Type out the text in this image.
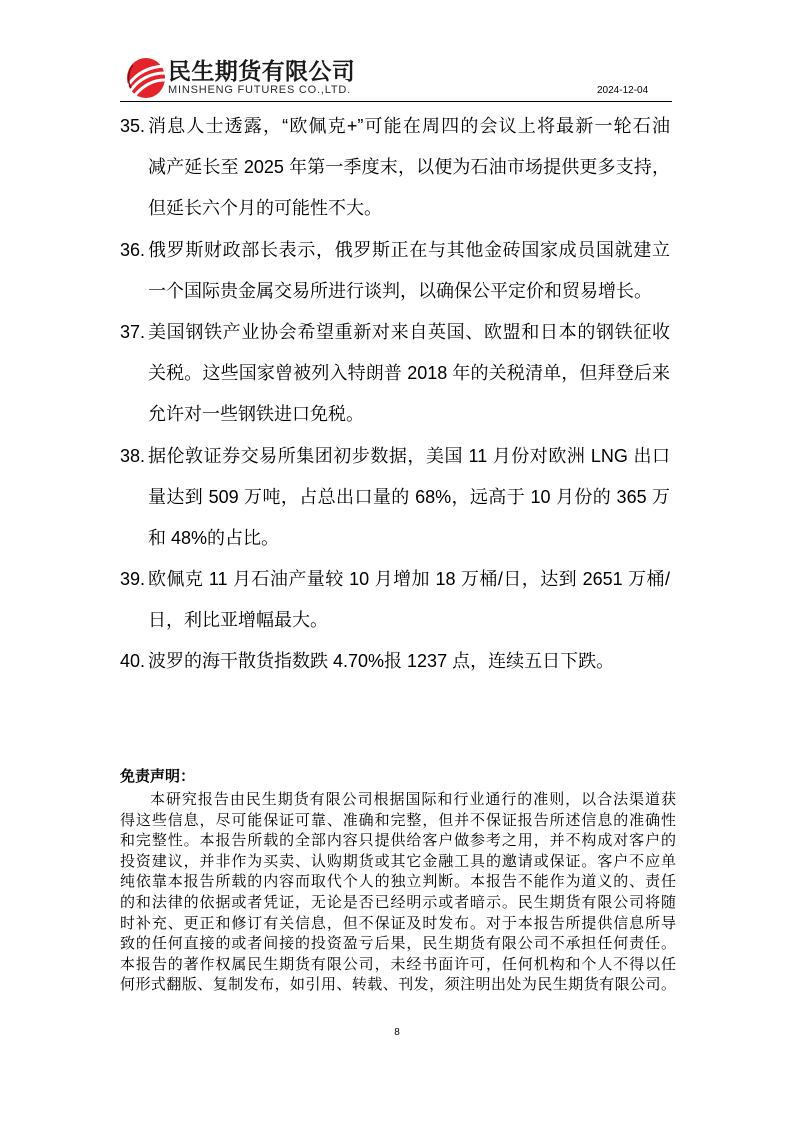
民生期货有限公司
MINSHENG FUTURES CO.,LTD.	2024-12-04
35. 消息人士透露，“欧佩克+”可能在周四的会议上将最新一轮石油
减产延长至 2025 年第一季度末，以便为石油市场提供更多支持，
但延长六个月的可能性不大。
36. 俄罗斯财政部长表示，俄罗斯正在与其他金砖国家成员国就建立
一个国际贵金属交易所进行谈判，以确保公平定价和贸易增长。
37. 美国钢铁产业协会希望重新对来自英国、欧盟和日本的钢铁征收
关税。这些国家曾被列入特朗普 2018 年的关税清单，但拜登后来
允许对一些钢铁进口免税。
38. 据伦敦证券交易所集团初步数据，美国 11 月份对欧洲 LNG 出口
量达到 509 万吨，占总出口量的 68%，远高于 10 月份的 365 万
和 48%的占比。
39. 欧佩克 11 月石油产量较 10 月增加 18 万桶/日，达到 2651 万桶/
日，利比亚增幅最大。
40. 波罗的海干散货指数跌 4.70%报 1237 点，连续五日下跌。
免责声明：
本研究报告由民生期货有限公司根据国际和行业通行的准则，以合法渠道获
得这些信息，尽可能保证可靠、准确和完整，但并不保证报告所述信息的准确性
和完整性。本报告所载的全部内容只提供给客户做参考之用，并不构成对客户的
投资建议，并非作为买卖、认购期货或其它金融工具的邀请或保证。客户不应单
纯依靠本报告所载的内容而取代个人的独立判断。本报告不能作为道义的、责任
的和法律的依据或者凭证，无论是否已经明示或者暗示。民生期货有限公司将随
时补充、更正和修订有关信息，但不保证及时发布。对于本报告所提供信息所导
致的任何直接的或者间接的投资盈亏后果，民生期货有限公司不承担任何责任。
本报告的著作权属民生期货有限公司，未经书面许可，任何机构和个人不得以任
何形式翻版、复制发布，如引用、转载、刊发，须注明出处为民生期货有限公司。
8
